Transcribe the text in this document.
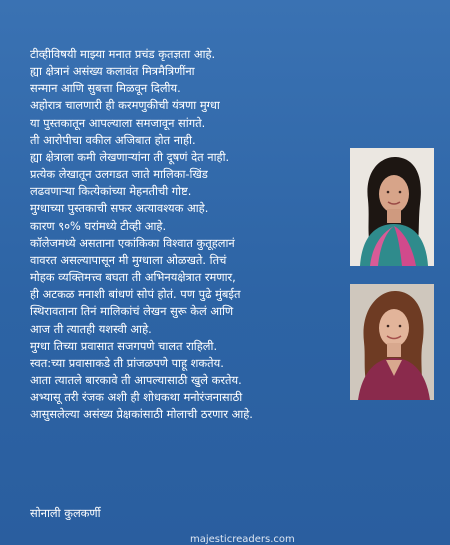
टीव्हीविषयी माझ्या मनात प्रचंड कृतज्ञता आहे.
ह्या क्षेत्रानं असंख्य कलावंत मित्रमैत्रिणींना
सन्मान आणि सुबत्ता मिळवून दिलीय.
अहोरात्र चालणारी ही करमणुकीची यंत्रणा मुग्धा
या पुस्तकातून आपल्याला समजावून सांगते.
ती आरोपीचा वकील अजिबात होत नाही.
ह्या क्षेत्राला कमी लेखणाऱ्यांना ती दूषणं देत नाही.
प्रत्येक लेखातून उलगडत जाते मालिका-खिंड
लढवणाऱ्या कित्येकांच्या मेहनतीची गोष्ट.
मुग्धाच्या पुस्तकाची सफर अत्यावश्यक आहे.
कारण ९०% घरांमध्ये टीव्ही आहे.
कॉलेजमध्ये असताना एकांकिका विश्वात कुतूहलानं
वावरत असल्यापासून मी मुग्धाला ओळखते. तिचं
मोहक व्यक्तिमत्त्व बघता ती अभिनयक्षेत्रात रमणार,
ही अटकळ मनाशी बांधणं सोपं होतं. पण पुढे मुंबईत
स्थिरावताना तिनं मालिकांचं लेखन सुरू केलं आणि
आज ती त्यातही यशस्वी आहे.
मुग्धा तिच्या प्रवासात सजगपणे चालत राहिली.
स्वत:च्या प्रवासाकडे ती प्रांजळपणे पाहू शकतेय.
आता त्यातले बारकावे ती आपल्यासाठी खुले करतेय.
अभ्यासू तरी रंजक अशी ही शोधकथा मनोरंजनासाठी
आसुसलेल्या असंख्य प्रेक्षकांसाठी मोलाची ठरणार आहे.
सोनाली कुलकर्णी
majesticreaders.com
